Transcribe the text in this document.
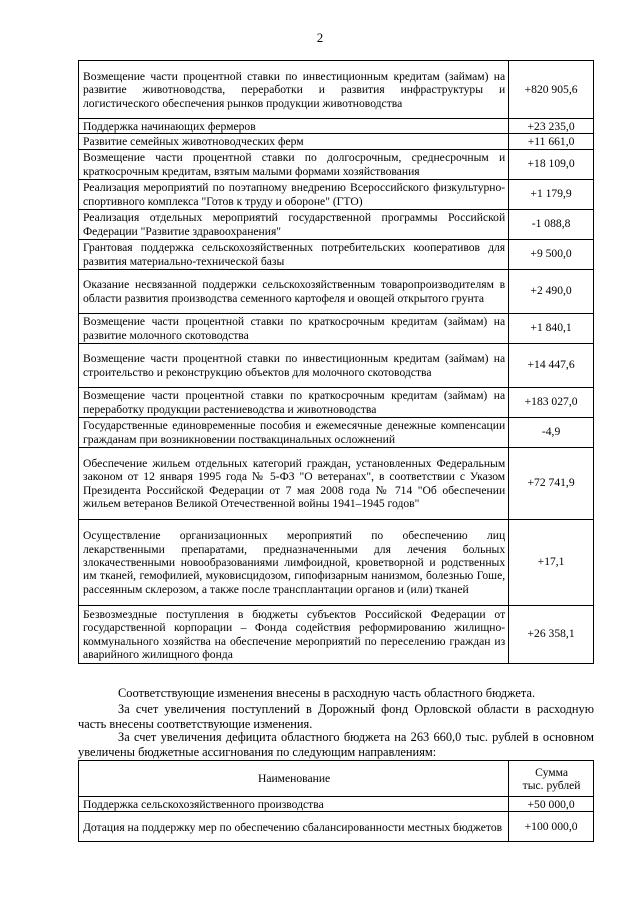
2
Возмещение части процентной ставки по инвестиционным кредитам (займам) на развитие животноводства, переработки и развития инфраструктуры и логистического обеспечения рынков продукции животноводства	+820 905,6
Поддержка начинающих фермеров	+23 235,0
Развитие семейных животноводческих ферм	+11 661,0
Возмещение части процентной ставки по долгосрочным, среднесрочным и краткосрочным кредитам, взятым малыми формами хозяйствования	+18 109,0
Реализация мероприятий по поэтапному внедрению Всероссийского физкультурно-спортивного комплекса "Готов к труду и обороне" (ГТО)	+1 179,9
Реализация отдельных мероприятий государственной программы Российской Федерации "Развитие здравоохранения"	-1 088,8
Грантовая поддержка сельскохозяйственных потребительских кооперативов для развития материально-технической базы	+9 500,0
Оказание несвязанной поддержки сельскохозяйственным товаропроизводителям в области развития производства семенного картофеля и овощей открытого грунта	+2 490,0
Возмещение части процентной ставки по краткосрочным кредитам (займам) на развитие молочного скотоводства	+1 840,1
Возмещение части процентной ставки по инвестиционным кредитам (займам) на строительство и реконструкцию объектов для молочного скотоводства	+14 447,6
Возмещение части процентной ставки по краткосрочным кредитам (займам) на переработку продукции растениеводства и животноводства	+183 027,0
Государственные единовременные пособия и ежемесячные денежные компенсации гражданам при возникновении поствакцинальных осложнений	-4,9
Обеспечение жильем отдельных категорий граждан, установленных Федеральным законом от 12 января 1995 года № 5-ФЗ "О ветеранах", в соответствии с Указом Президента Российской Федерации от 7 мая 2008 года № 714 "Об обеспечении жильем ветеранов Великой Отечественной войны 1941–1945 годов"	+72 741,9
Осуществление организационных мероприятий по обеспечению лиц лекарственными препаратами, предназначенными для лечения больных злокачественными новообразованиями лимфоидной, кроветворной и родственных им тканей, гемофилией, муковисцидозом, гипофизарным нанизмом, болезнью Гоше, рассеянным склерозом, а также после трансплантации органов и (или) тканей	+17,1
Безвозмездные поступления в бюджеты субъектов Российской Федерации от государственной корпорации – Фонда содействия реформированию жилищно-коммунального хозяйства на обеспечение мероприятий по переселению граждан из аварийного жилищного фонда	+26 358,1

Соответствующие изменения внесены в расходную часть областного бюджета.

За счет увеличения поступлений в Дорожный фонд Орловской области в расходную часть внесены соответствующие изменения.

За счет увеличения дефицита областного бюджета на 263 660,0 тыс. рублей в основном увеличены бюджетные ассигнования по следующим направлениям:

Наименование	Сумма
тыс. рублей
Поддержка сельскохозяйственного производства	+50 000,0
Дотация на поддержку мер по обеспечению сбалансированности местных бюджетов	+100 000,0
